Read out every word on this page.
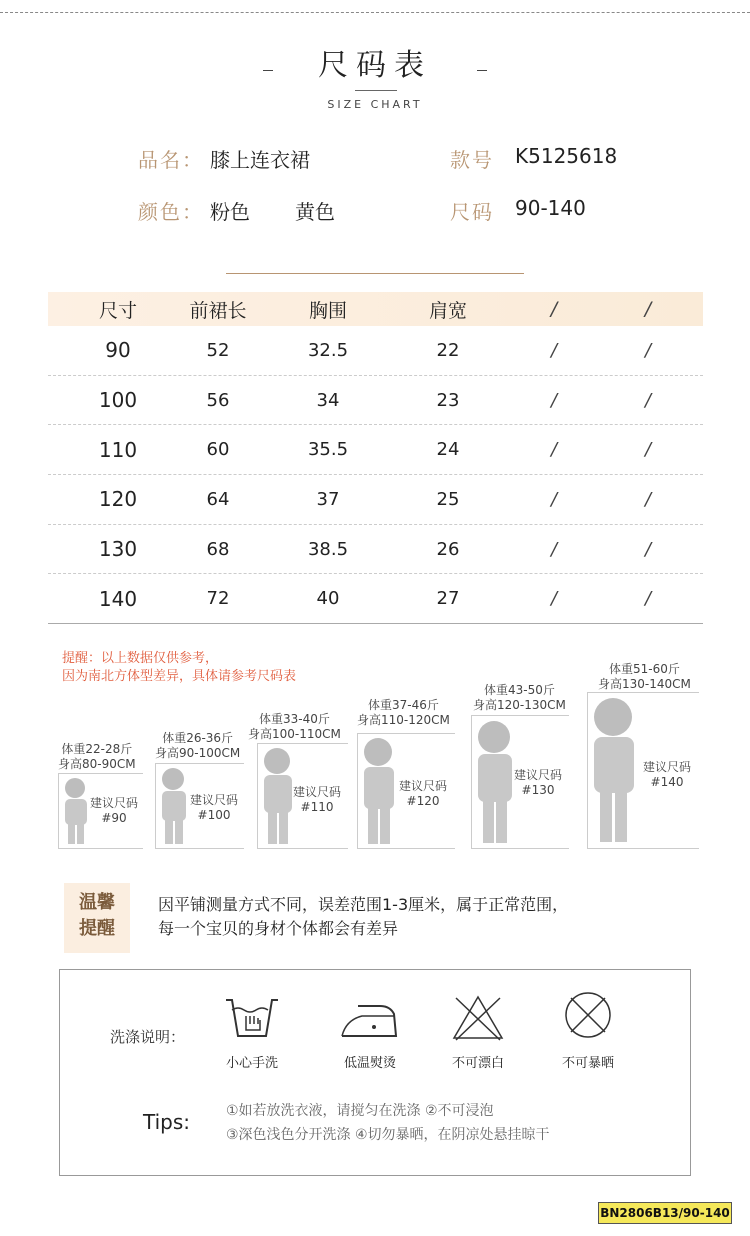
尺码表
SIZE CHART
品名： 膝上连衣裙	款号 K5125618
颜色： 粉色 黄色	尺码 90-140
尺寸	前裙长	胸围	肩宽	/	/
90	52	32.5	22	/	/
100	56	34	23	/	/
110	60	35.5	24	/	/
120	64	37	25	/	/
130	68	38.5	26	/	/
140	72	40	27	/	/
提醒：以上数据仅供参考，
因为南北方体型差异，具体请参考尺码表
体重22-28斤
身高80-90CM
建议尺码
#90
体重26-36斤
身高90-100CM
建议尺码
#100
体重33-40斤
身高100-110CM
建议尺码
#110
体重37-46斤
身高110-120CM
建议尺码
#120
体重43-50斤
身高120-130CM
建议尺码
#130
体重51-60斤
身高130-140CM
建议尺码
#140
温馨
提醒
因平铺测量方式不同，误差范围1-3厘米，属于正常范围，
每一个宝贝的身材个体都会有差异
洗涤说明：
小心手洗	低温熨烫	不可漂白	不可暴晒
Tips:	①如若放洗衣液，请搅匀在洗涤 ②不可浸泡
③深色浅色分开洗涤 ④切勿暴晒，在阴凉处悬挂晾干
BN2806B13/90-140
